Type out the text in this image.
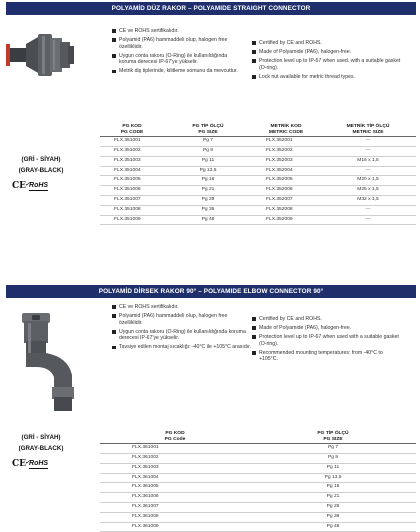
POLYAMİD DÜZ RAKOR – POLYAMIDE STRAIGHT CONNECTOR
(GRİ - SİYAH)
(GRAY-BLACK)
CE ✓
RoHS
CE ve ROHS sertifikalıdır.
Polyamid (PA6) hammaddeli olup, halogen free özelliklidir.
Uygun conta rakoru (O-Ring) ile kullanıldığında koruma derecesi IP-67'ye yükselir.
Metrik diş tiplerinde, kilitleme somunu da mevcuttur.
Certified by CE and ROHS.
Made of Polyamide (PA6), halogen-free.
Protection level up to IP-67 when used. with a suitable gasket (O-ring).
Lock nut available for metric thread types.
PG KOD
PG CODE	PG TİP ÖLÇÜ
PG SIZE	METRİK KOD
METRIC CODE	METRİK TİP ÖLÇÜ
METRIC SIZE

FLX.351001	Pg 7	FLX.352001	---
FLX.351002	Pg 9	FLX.352002	---
FLX.351003	Pg 11	FLX.352003	M16 x 1,5
FLX.351004	Pg 13,5	FLX.352004	---
FLX.351005	Pg 16	FLX.352005	M20 x 1,5
FLX.351006	Pg 21	FLX.352006	M25 x 1,5
FLX.351007	Pg 29	FLX.352007	M32 x 1,5
FLX.351008	Pg 36	FLX.352008	---
FLX.351009	Pg 48	FLX.352009	---
POLYAMİD DİRSEK RAKOR 90° – POLYAMIDE ELBOW CONNECTOR 90°
(GRİ - SİYAH)
(GRAY-BLACK)
CE ✓
RoHS
CE ve ROHS sertifikalıdır.
Polyamid (PA6) hammaddeli olup, halogen free özelliklidir.
Uygun conta rakoru (O-Ring) ile kullanıldığında koruma derecesi IP-67'ye yükselir.
Tavsiye edilen montaj sıcaklığı: -40°C ile +105°C arasıdır.
Certified by CE and ROHS.
Made of Polyamide (PA6), halogen-free.
Protection level up to IP-67 when used with a suitable gasket (O-ring).
Recommended mounting temperatures: from -40°C to +105°C.
PG KOD
PG Code	PG TİP ÖLÇÜ
PG SIZE

FLX.361001	Pg 7
FLX.361002	Pg 9
FLX.361003	Pg 11
FLX.361004	Pg 13,5
FLX.361005	Pg 16
FLX.361006	Pg 21
FLX.361007	Pg 29
FLX.361008	Pg 36
FLX.361009	Pg 48
